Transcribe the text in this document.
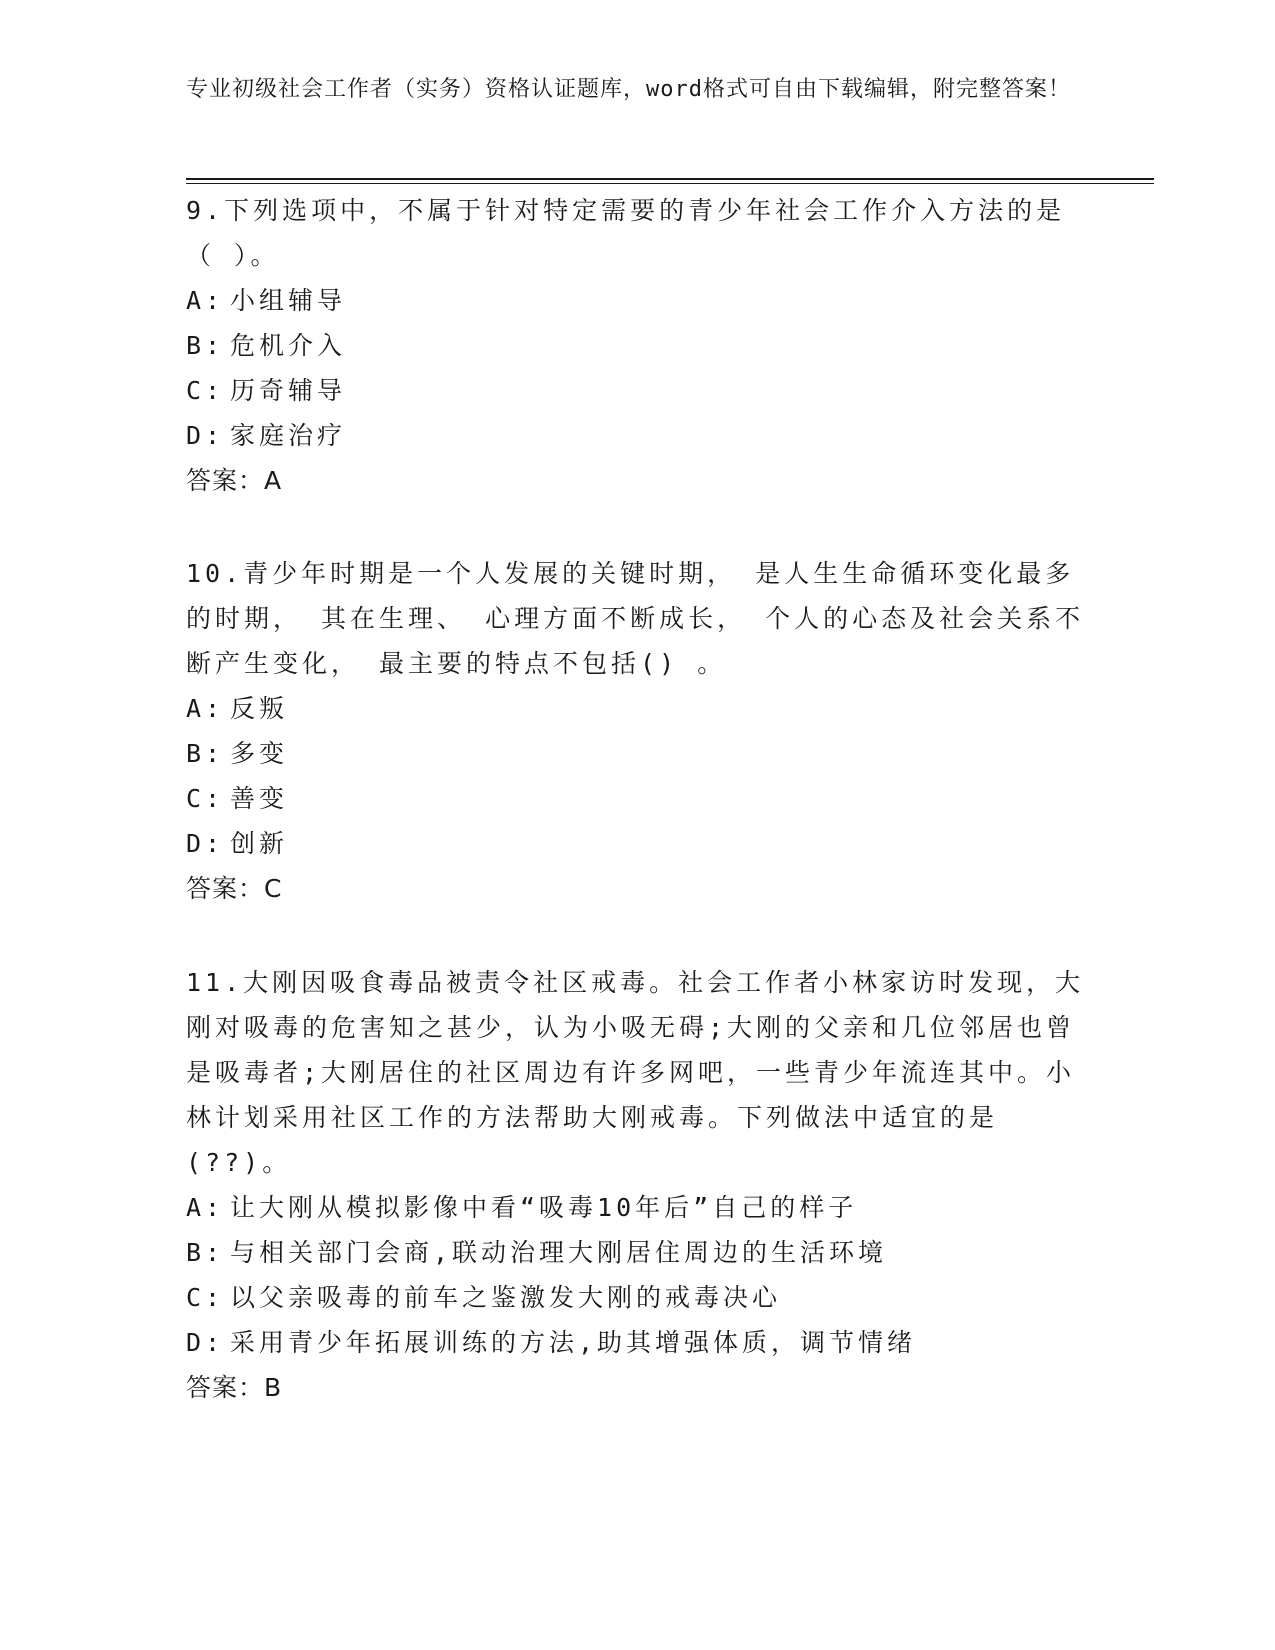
专业初级社会工作者（实务）资格认证题库，word格式可自由下载编辑，附完整答案！

9.下列选项中，不属于针对特定需要的青少年社会工作介入方法的是（ ）。

A: 小组辅导

B: 危机介入

C: 历奇辅导

D: 家庭治疗

答案：A

10.青少年时期是一个人发展的关键时期， 是人生生命循环变化最多的时期， 其在生理、 心理方面不断成长， 个人的心态及社会关系不断产生变化， 最主要的特点不包括() 。

A: 反叛

B: 多变

C: 善变

D: 创新

答案：C

11.大刚因吸食毒品被责令社区戒毒。社会工作者小林家访时发现，大刚对吸毒的危害知之甚少，认为小吸无碍;大刚的父亲和几位邻居也曾是吸毒者;大刚居住的社区周边有许多网吧，一些青少年流连其中。小林计划采用社区工作的方法帮助大刚戒毒。下列做法中适宜的是(??)。

A: 让大刚从模拟影像中看“吸毒10年后”自己的样子

B: 与相关部门会商,联动治理大刚居住周边的生活环境

C: 以父亲吸毒的前车之鉴激发大刚的戒毒决心

D: 采用青少年拓展训练的方法,助其增强体质，调节情绪

答案：B
